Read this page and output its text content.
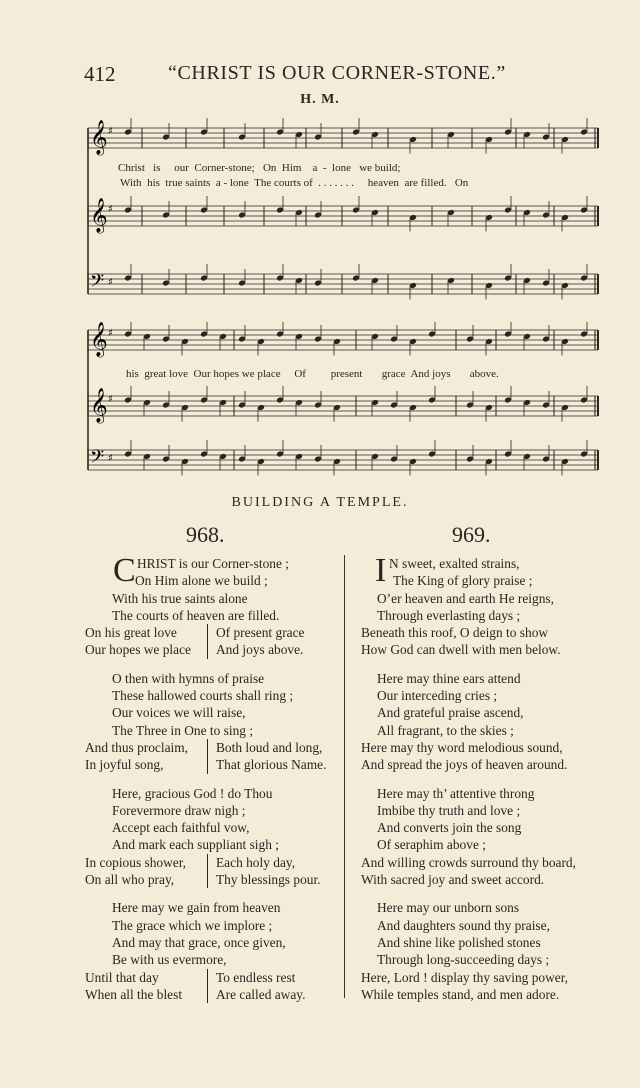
412	“CHRIST IS OUR CORNER-STONE.”
H. M.
𝄞 ♯
𝄞 ♯
𝄢 ♯
Christ is our Corner-stone; On Him a - lone we build;
With his true saints a - lone The courts of . . . . . . . heaven are filled. On
𝄞 ♯
𝄞 ♯
𝄢 ♯
his great love Our hopes we place Of present grace And joys above.
BUILDING A TEMPLE.
968.	969.
C HRIST is our Corner-stone ;
On Him alone we build ;
With his true saints alone
The courts of heaven are filled.
On his great love	Of present grace
Our hopes we place	And joys above.
O then with hymns of praise
These hallowed courts shall ring ;
Our voices we will raise,
The Three in One to sing ;
And thus proclaim,	Both loud and long,
In joyful song,	That glorious Name.
Here, gracious God ! do Thou
Forevermore draw nigh ;
Accept each faithful vow,
And mark each suppliant sigh ;
In copious shower,	Each holy day,
On all who pray,	Thy blessings pour.
Here may we gain from heaven
The grace which we implore ;
And may that grace, once given,
Be with us evermore,
Until that day	To endless rest
When all the blest	Are called away.
I N sweet, exalted strains,
The King of glory praise ;
O’er heaven and earth He reigns,
Through everlasting days ;
Beneath this roof, O deign to show
How God can dwell with men below.
Here may thine ears attend
Our interceding cries ;
And grateful praise ascend,
All fragrant, to the skies ;
Here may thy word melodious sound,
And spread the joys of heaven around.
Here may th’ attentive throng
Imbibe thy truth and love ;
And converts join the song
Of seraphim above ;
And willing crowds surround thy board,
With sacred joy and sweet accord.
Here may our unborn sons
And daughters sound thy praise,
And shine like polished stones
Through long-succeeding days ;
Here, Lord ! display thy saving power,
While temples stand, and men adore.
